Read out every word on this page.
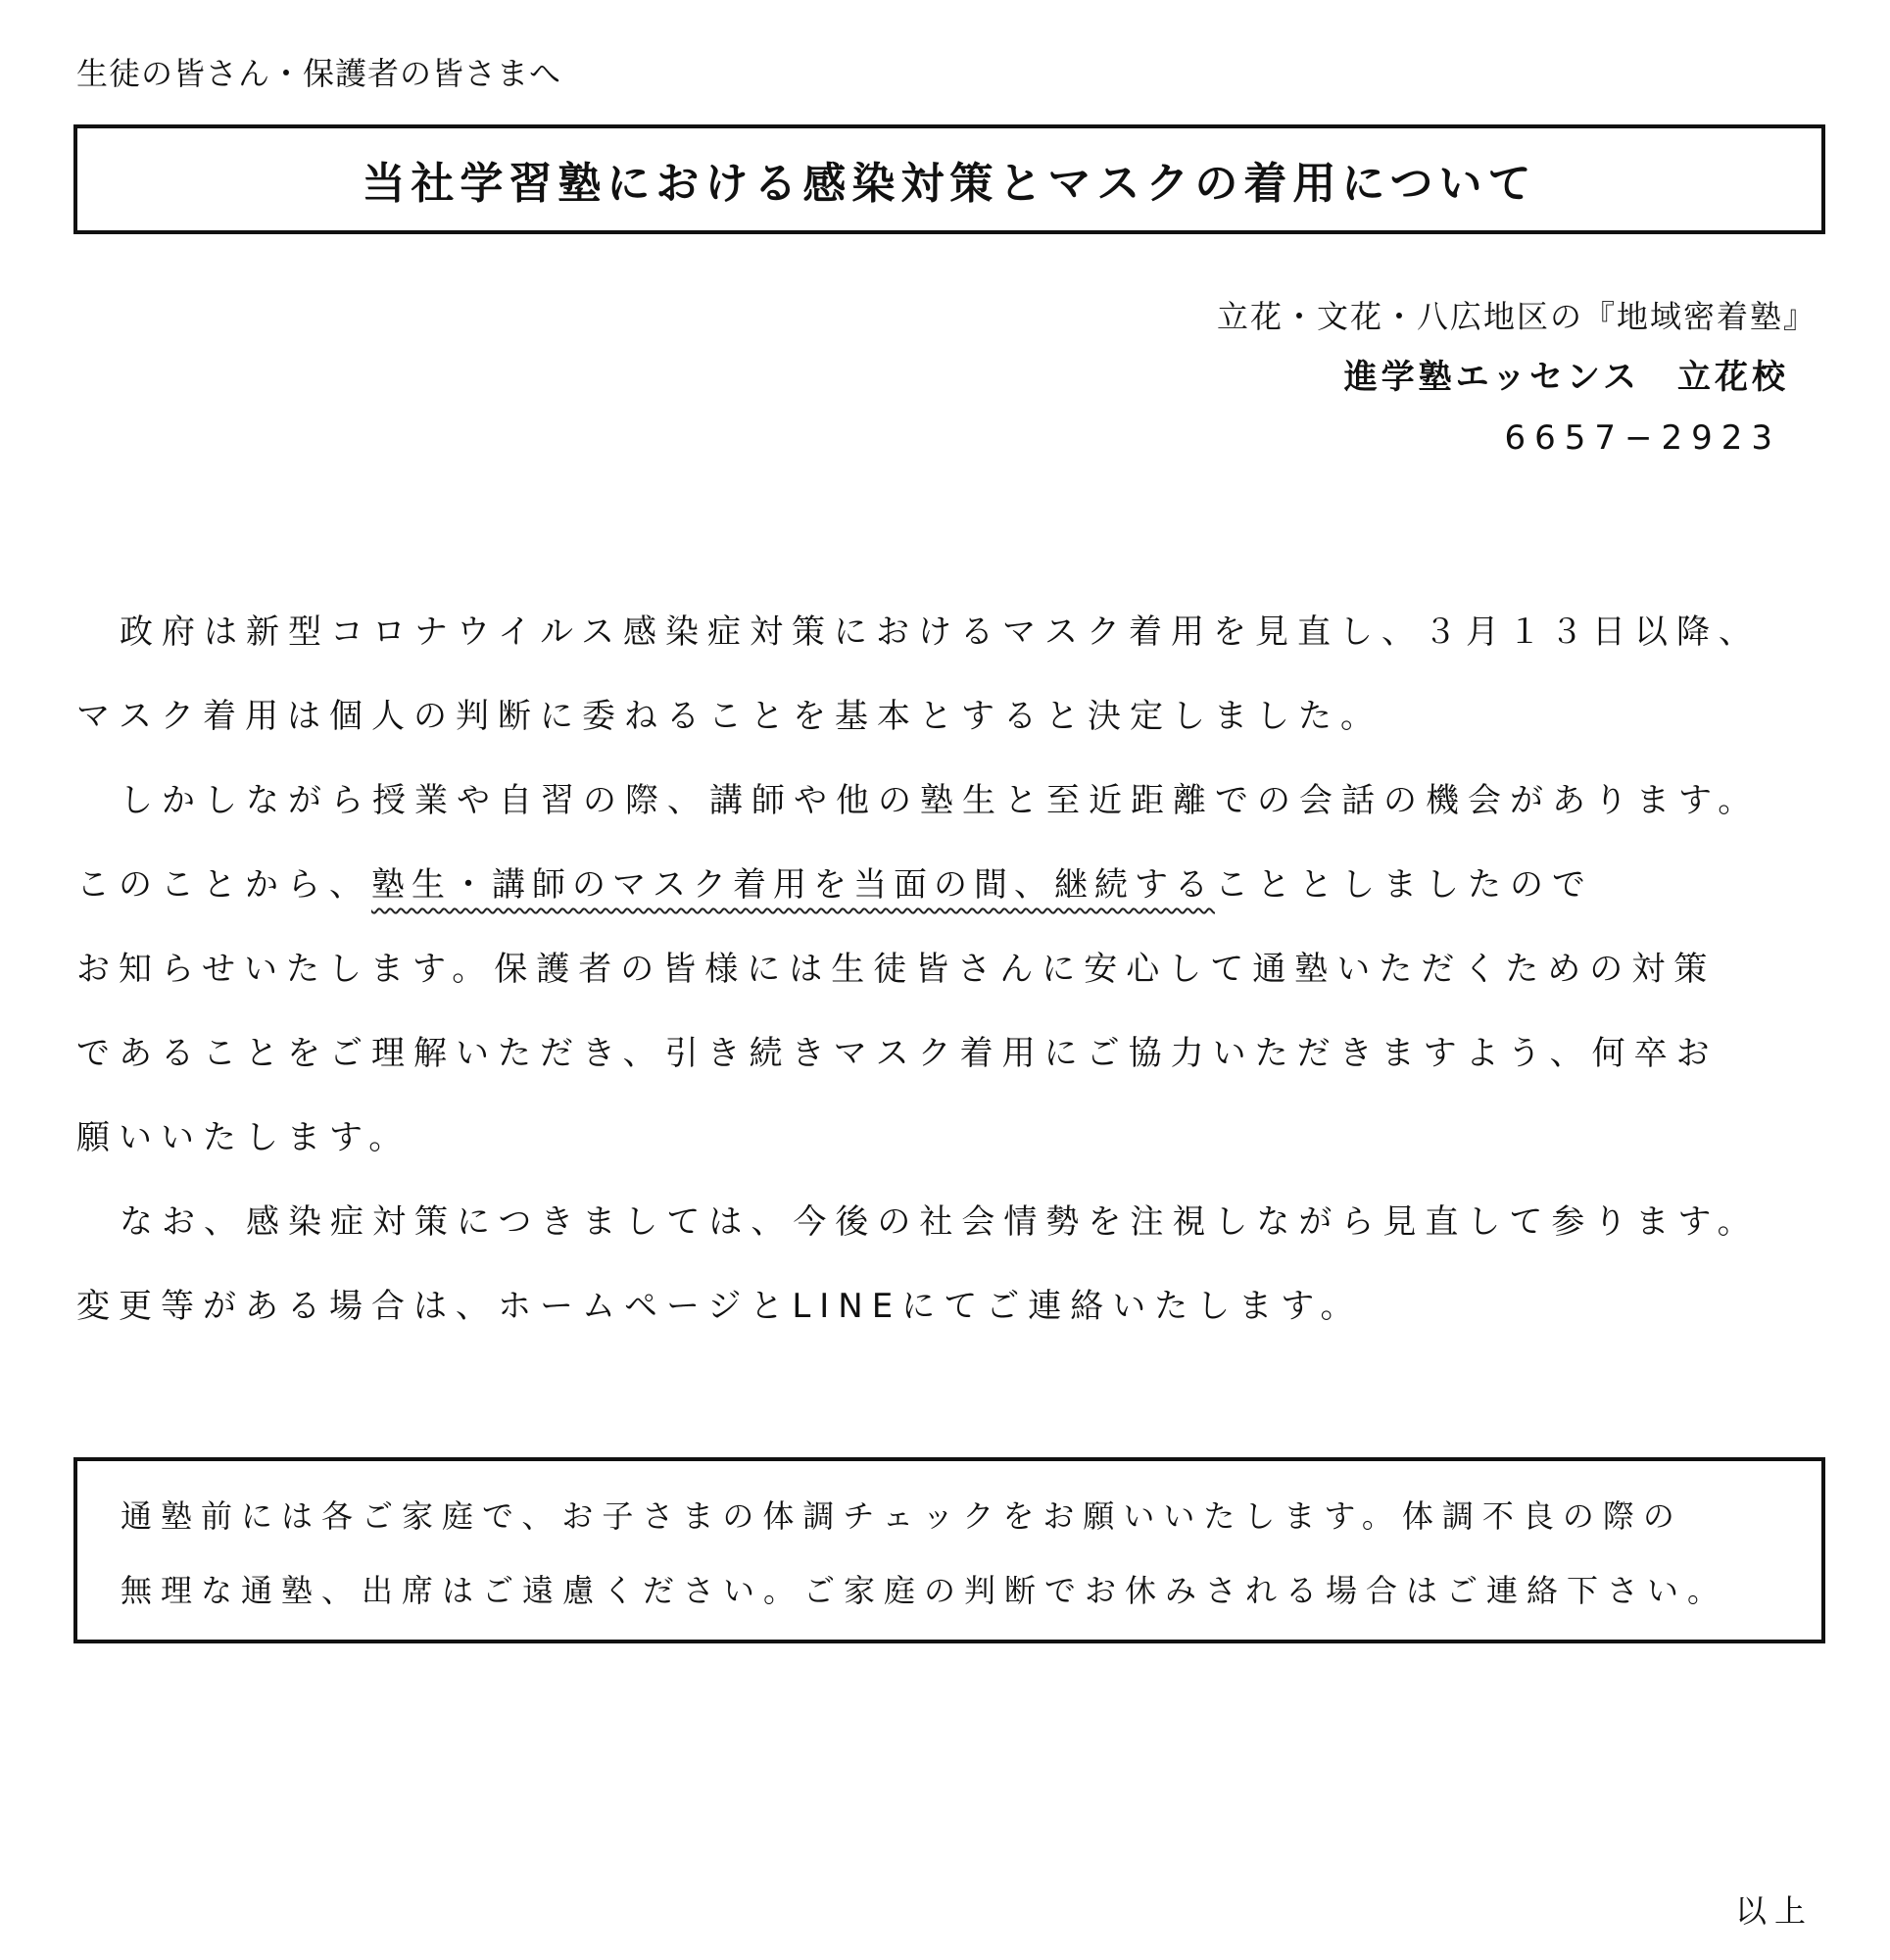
生徒の皆さん・保護者の皆さまへ
当社学習塾における感染対策とマスクの着用について
立花・文花・八広地区の『地域密着塾』
進学塾エッセンス　立花校
6657−2923
政府は新型コロナウイルス感染症対策におけるマスク着用を見直し、３月１３日以降、
マスク着用は個人の判断に委ねることを基本とすると決定しました。
しかしながら授業や自習の際、講師や他の塾生と至近距離での会話の機会があります。
このことから、塾生・講師のマスク着用を当面の間、継続することとしましたので
お知らせいたします。保護者の皆様には生徒皆さんに安心して通塾いただくための対策
であることをご理解いただき、引き続きマスク着用にご協力いただきますよう、何卒お
願いいたします。
なお、感染症対策につきましては、今後の社会情勢を注視しながら見直して参ります。
変更等がある場合は、ホームページとLINEにてご連絡いたします。
通塾前には各ご家庭で、お子さまの体調チェックをお願いいたします。体調不良の際の
無理な通塾、出席はご遠慮ください。ご家庭の判断でお休みされる場合はご連絡下さい。
以上
